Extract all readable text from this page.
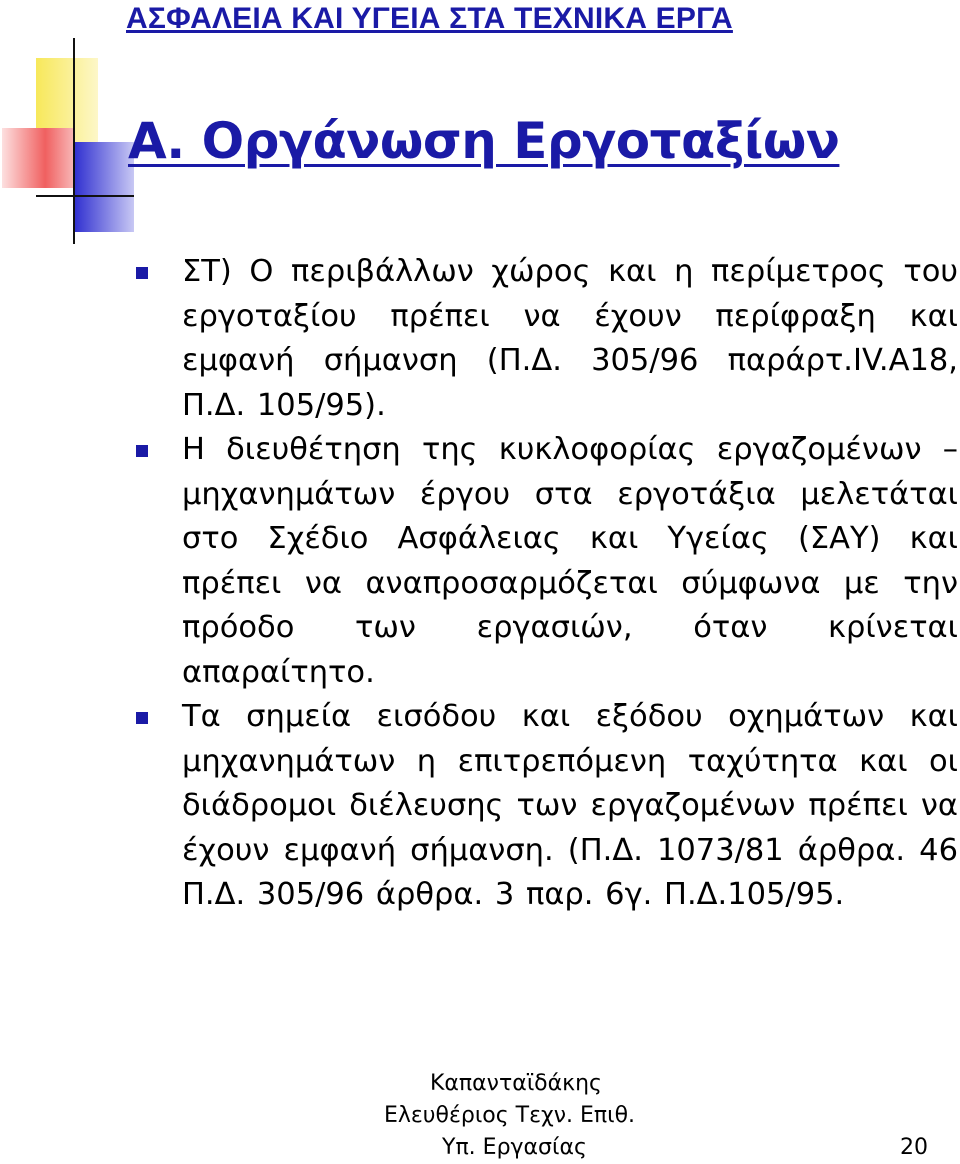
ΑΣΦΑΛΕΙΑ ΚΑΙ ΥΓΕΙΑ ΣΤΑ ΤΕΧΝΙΚΑ ΕΡΓΑ
Α. Οργάνωση Εργοταξίων
ΣΤ) Ο περιβάλλων χώρος και η περίμετρος του εργοταξίου πρέπει να έχουν περίφραξη και εμφανή σήμανση (Π.Δ. 305/96 παράρτ.IV.A18, Π.Δ. 105/95).
Η διευθέτηση της κυκλοφορίας εργαζομένων – μηχανημάτων έργου στα εργοτάξια μελετάται στο Σχέδιο Ασφάλειας και Υγείας (ΣΑΥ) και πρέπει να αναπροσαρμόζεται σύμφωνα με την πρόοδο των εργασιών, όταν κρίνεται απαραίτητο.
Τα σημεία εισόδου και εξόδου οχημάτων και μηχανημάτων η επιτρεπόμενη ταχύτητα και οι διάδρομοι διέλευσης των εργαζομένων πρέπει να έχουν εμφανή σήμανση. (Π.Δ. 1073/81 άρθρα. 46 Π.Δ. 305/96 άρθρα. 3 παρ. 6γ. Π.Δ.105/95.
Καπανταϊδάκης
Ελευθέριος Τεχν. Επιθ.
Υπ. Εργασίας	20
